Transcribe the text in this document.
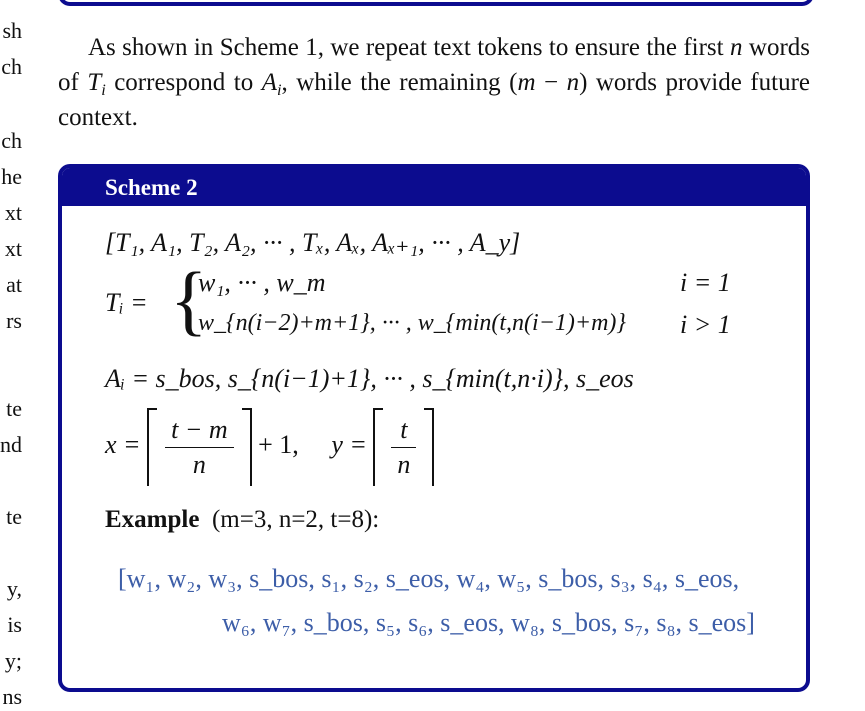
sh
ch
ch
he
xt
xt
at
rs
te
nd
te
y,
is
y;
ns

As shown in Scheme 1, we repeat text tokens to ensure the first n words of $T_i$ correspond to $A_i$, while the remaining (m − n) words provide future context.

Scheme 2
[T₁, A₁, T₂, A₂, ··· , Tₓ, Aₓ, Aₓ₊₁, ··· , A_y]
Tᵢ = {
w₁, ··· , w_m	i = 1
w_{n(i−2)+m+1}, ··· , w_{min(t,n(i−1)+m)} i > 1
Aᵢ = s_bos, s_{n(i−1)+1}, ··· , s_{min(t,n·i)}, s_eos
$x = \frac{t - m}{n} + 1$, $y = \frac{t}{n}$
Example (m=3, n=2, t=8):
[w₁, w₂, w₃, s_bos, s₁, s₂, s_eos, w₄, w₅, s_bos, s₃, s₄, s_eos,
w₆, w₇, s_bos, s₅, s₆, s_eos, w₈, s_bos, s₇, s₈, s_eos]
